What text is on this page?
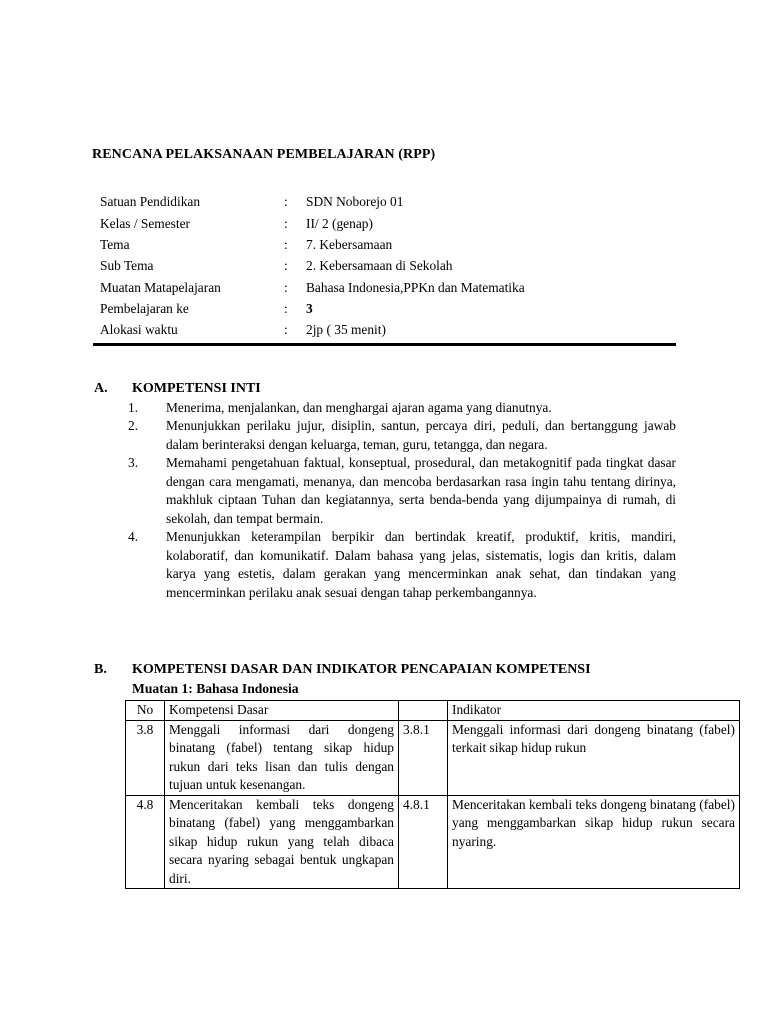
RENCANA PELAKSANAAN PEMBELAJARAN (RPP)
Satuan Pendidikan	:	SDN Noborejo 01
Kelas / Semester	:	II/ 2 (genap)
Tema	:	7. Kebersamaan
Sub Tema	:	2. Kebersamaan di Sekolah
Muatan Matapelajaran	:	Bahasa Indonesia,PPKn dan Matematika
Pembelajaran ke	:	3
Alokasi waktu	:	2jp ( 35 menit)
A.	KOMPETENSI INTI
1.	Menerima, menjalankan, dan menghargai ajaran agama yang dianutnya.
2.	Menunjukkan perilaku jujur, disiplin, santun, percaya diri, peduli, dan bertanggung jawab dalam berinteraksi dengan keluarga, teman, guru, tetangga, dan negara.
3.	Memahami pengetahuan faktual, konseptual, prosedural, dan metakognitif pada tingkat dasar dengan cara mengamati, menanya, dan mencoba berdasarkan rasa ingin tahu tentang dirinya, makhluk ciptaan Tuhan dan kegiatannya, serta benda-benda yang dijumpainya di rumah, di sekolah, dan tempat bermain.
4.	Menunjukkan keterampilan berpikir dan bertindak kreatif, produktif, kritis, mandiri, kolaboratif, dan komunikatif. Dalam bahasa yang jelas, sistematis, logis dan kritis, dalam karya yang estetis, dalam gerakan yang mencerminkan anak sehat, dan tindakan yang mencerminkan perilaku anak sesuai dengan tahap perkembangannya.
B.	KOMPETENSI DASAR DAN INDIKATOR PENCAPAIAN KOMPETENSI
Muatan 1: Bahasa Indonesia
No	Kompetensi Dasar		Indikator
3.8	Menggali informasi dari dongeng binatang (fabel) tentang sikap hidup rukun dari teks lisan dan tulis dengan tujuan untuk kesenangan.	3.8.1	Menggali informasi dari dongeng binatang (fabel) terkait sikap hidup rukun
4.8	Menceritakan kembali teks dongeng binatang (fabel) yang menggambarkan sikap hidup rukun yang telah dibaca secara nyaring sebagai bentuk ungkapan diri.	4.8.1	Menceritakan kembali teks dongeng binatang (fabel) yang menggambarkan sikap hidup rukun secara nyaring.
